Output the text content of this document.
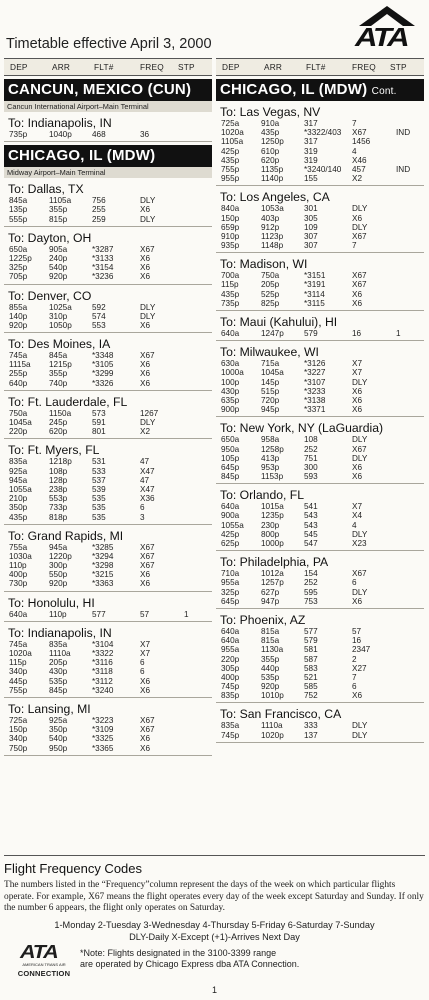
Timetable effective April 3, 2000	ATA
DEP	ARR	FLT#	FREQ	STP
CANCUN, MEXICO (CUN)
Cancun International Airport–Main Terminal
To: Indianapolis, IN
735p	1040p	468	36
CHICAGO, IL (MDW)
Midway Airport–Main Terminal
To: Dallas, TX
845a	1105a	756	DLY
135p	355p	255	X6
555p	815p	259	DLY
To: Dayton, OH
650a	905a	*3287	X67
1225p	240p	*3133	X6
325p	540p	*3154	X6
705p	920p	*3236	X6
To: Denver, CO
855a	1025a	592	DLY
140p	310p	574	DLY
920p	1050p	553	X6
To: Des Moines, IA
745a	845a	*3348	X67
1115a	1215p	*3105	X6
255p	355p	*3299	X6
640p	740p	*3326	X6
To: Ft. Lauderdale, FL
750a	1150a	573	1267
1045a	245p	591	DLY
220p	620p	801	X2
To: Ft. Myers, FL
835a	1218p	531	47
925a	108p	533	X47
945a	128p	537	47
1055a	238p	539	X47
210p	553p	535	X36
350p	733p	535	6
435p	818p	535	3
To: Grand Rapids, MI
755a	945a	*3285	X67
1030a	1220p	*3294	X67
110p	300p	*3298	X67
400p	550p	*3215	X6
730p	920p	*3363	X6
To: Honolulu, HI
640a	110p	577	57	1
To: Indianapolis, IN
745a	835a	*3104	X7
1020a	1110a	*3322	X7
115p	205p	*3116	6
340p	430p	*3118	6
445p	535p	*3112	X6
755p	845p	*3240	X6
To: Lansing, MI
725a	925a	*3223	X67
150p	350p	*3109	X67
340p	540p	*3325	X6
750p	950p	*3365	X6
DEP	ARR	FLT#	FREQ	STP
CHICAGO, IL (MDW) Cont.
To: Las Vegas, NV
725a	910a	317	7
1020a	435p	*3322/403	X67	IND
1105a	1250p	317	1456
425p	610p	319	4
435p	620p	319	X46
755p	1135p	*3240/140	457	IND
955p	1140p	155	X2
To: Los Angeles, CA
840a	1053a	301	DLY
150p	403p	305	X6
659p	912p	109	DLY
910p	1123p	307	X67
935p	1148p	307	7
To: Madison, WI
700a	750a	*3151	X67
115p	205p	*3191	X67
435p	525p	*3114	X6
735p	825p	*3115	X6
To: Maui (Kahului), HI
640a	1247p	579	16	1
To: Milwaukee, WI
630a	715a	*3126	X7
1000a	1045a	*3227	X7
100p	145p	*3107	DLY
430p	515p	*3233	X6
635p	720p	*3138	X6
900p	945p	*3371	X6
To: New York, NY (LaGuardia)
650a	958a	108	DLY
950a	1258p	252	X67
105p	413p	751	DLY
645p	953p	300	X6
845p	1153p	593	X6
To: Orlando, FL
640a	1015a	541	X7
900a	1235p	543	X4
1055a	230p	543	4
425p	800p	545	DLY
625p	1000p	547	X23
To: Philadelphia, PA
710a	1012a	154	X67
955a	1257p	252	6
325p	627p	595	DLY
645p	947p	753	X6
To: Phoenix, AZ
640a	815a	577	57
640a	815a	579	16
955a	1130a	581	2347
220p	355p	587	2
305p	440p	583	X27
400p	535p	521	7
745p	920p	585	6
835p	1010p	752	X6
To: San Francisco, CA
835a	1110a	333	DLY
745p	1020p	137	DLY
Flight Frequency Codes
The numbers listed in the “Frequency”column represent the days of the week on which particular flights operate. For example, X67 means the flight operates every day of the week except Saturday and Sunday. If only the number 6 appears, the flight only operates on Saturday.
1-Monday 2-Tuesday 3-Wednesday 4-Thursday 5-Friday 6-Saturday 7-Sunday
DLY-Daily X-Except (+1)-Arrives Next Day
ATA
AMERICAN TRANS AIR
CONNECTION
*Note: Flights designated in the 3100-3399 range
are operated by Chicago Express dba ATA Connection.
1
